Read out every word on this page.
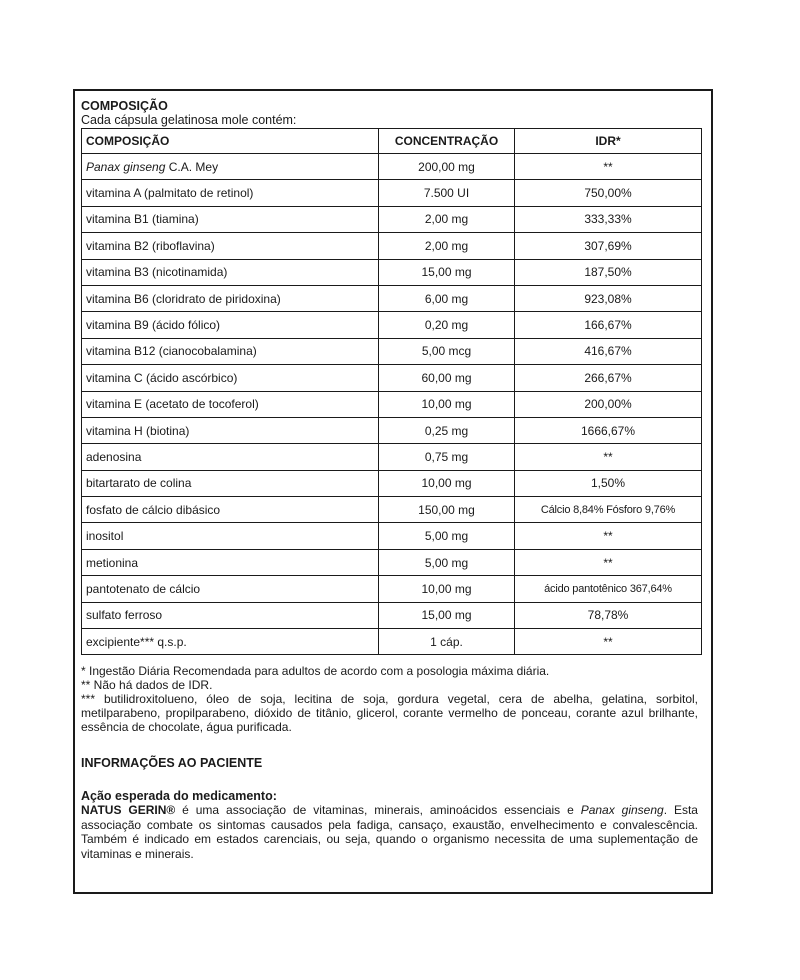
COMPOSIÇÃO
Cada cápsula gelatinosa mole contém:
COMPOSIÇÃO	CONCENTRAÇÃO	IDR*
Panax ginseng C.A. Mey	200,00 mg	**
vitamina A (palmitato de retinol)	7.500 UI	750,00%
vitamina B1 (tiamina)	2,00 mg	333,33%
vitamina B2 (riboflavina)	2,00 mg	307,69%
vitamina B3 (nicotinamida)	15,00 mg	187,50%
vitamina B6 (cloridrato de piridoxina)	6,00 mg	923,08%
vitamina B9 (ácido fólico)	0,20 mg	166,67%
vitamina B12 (cianocobalamina)	5,00 mcg	416,67%
vitamina C (ácido ascórbico)	60,00 mg	266,67%
vitamina E (acetato de tocoferol)	10,00 mg	200,00%
vitamina H (biotina)	0,25 mg	1666,67%
adenosina	0,75 mg	**
bitartarato de colina	10,00 mg	1,50%
fosfato de cálcio dibásico	150,00 mg	Cálcio 8,84% Fósforo 9,76%
inositol	5,00 mg	**
metionina	5,00 mg	**
pantotenato de cálcio	10,00 mg	ácido pantotênico 367,64%
sulfato ferroso	15,00 mg	78,78%
excipiente*** q.s.p.	1 cáp.	**

* Ingestão Diária Recomendada para adultos de acordo com a posologia máxima diária.

** Não há dados de IDR.

*** butilidroxitolueno, óleo de soja, lecitina de soja, gordura vegetal, cera de abelha, gelatina, sorbitol, metilparabeno, propilparabeno, dióxido de titânio, glicerol, corante vermelho de ponceau, corante azul brilhante, essência de chocolate, água purificada.

INFORMAÇÕES AO PACIENTE
Ação esperada do medicamento:
NATUS GERIN® é uma associação de vitaminas, minerais, aminoácidos essenciais e Panax ginseng. Esta associação combate os sintomas causados pela fadiga, cansaço, exaustão, envelhecimento e convalescência. Também é indicado em estados carenciais, ou seja, quando o organismo necessita de uma suplementação de vitaminas e minerais.
